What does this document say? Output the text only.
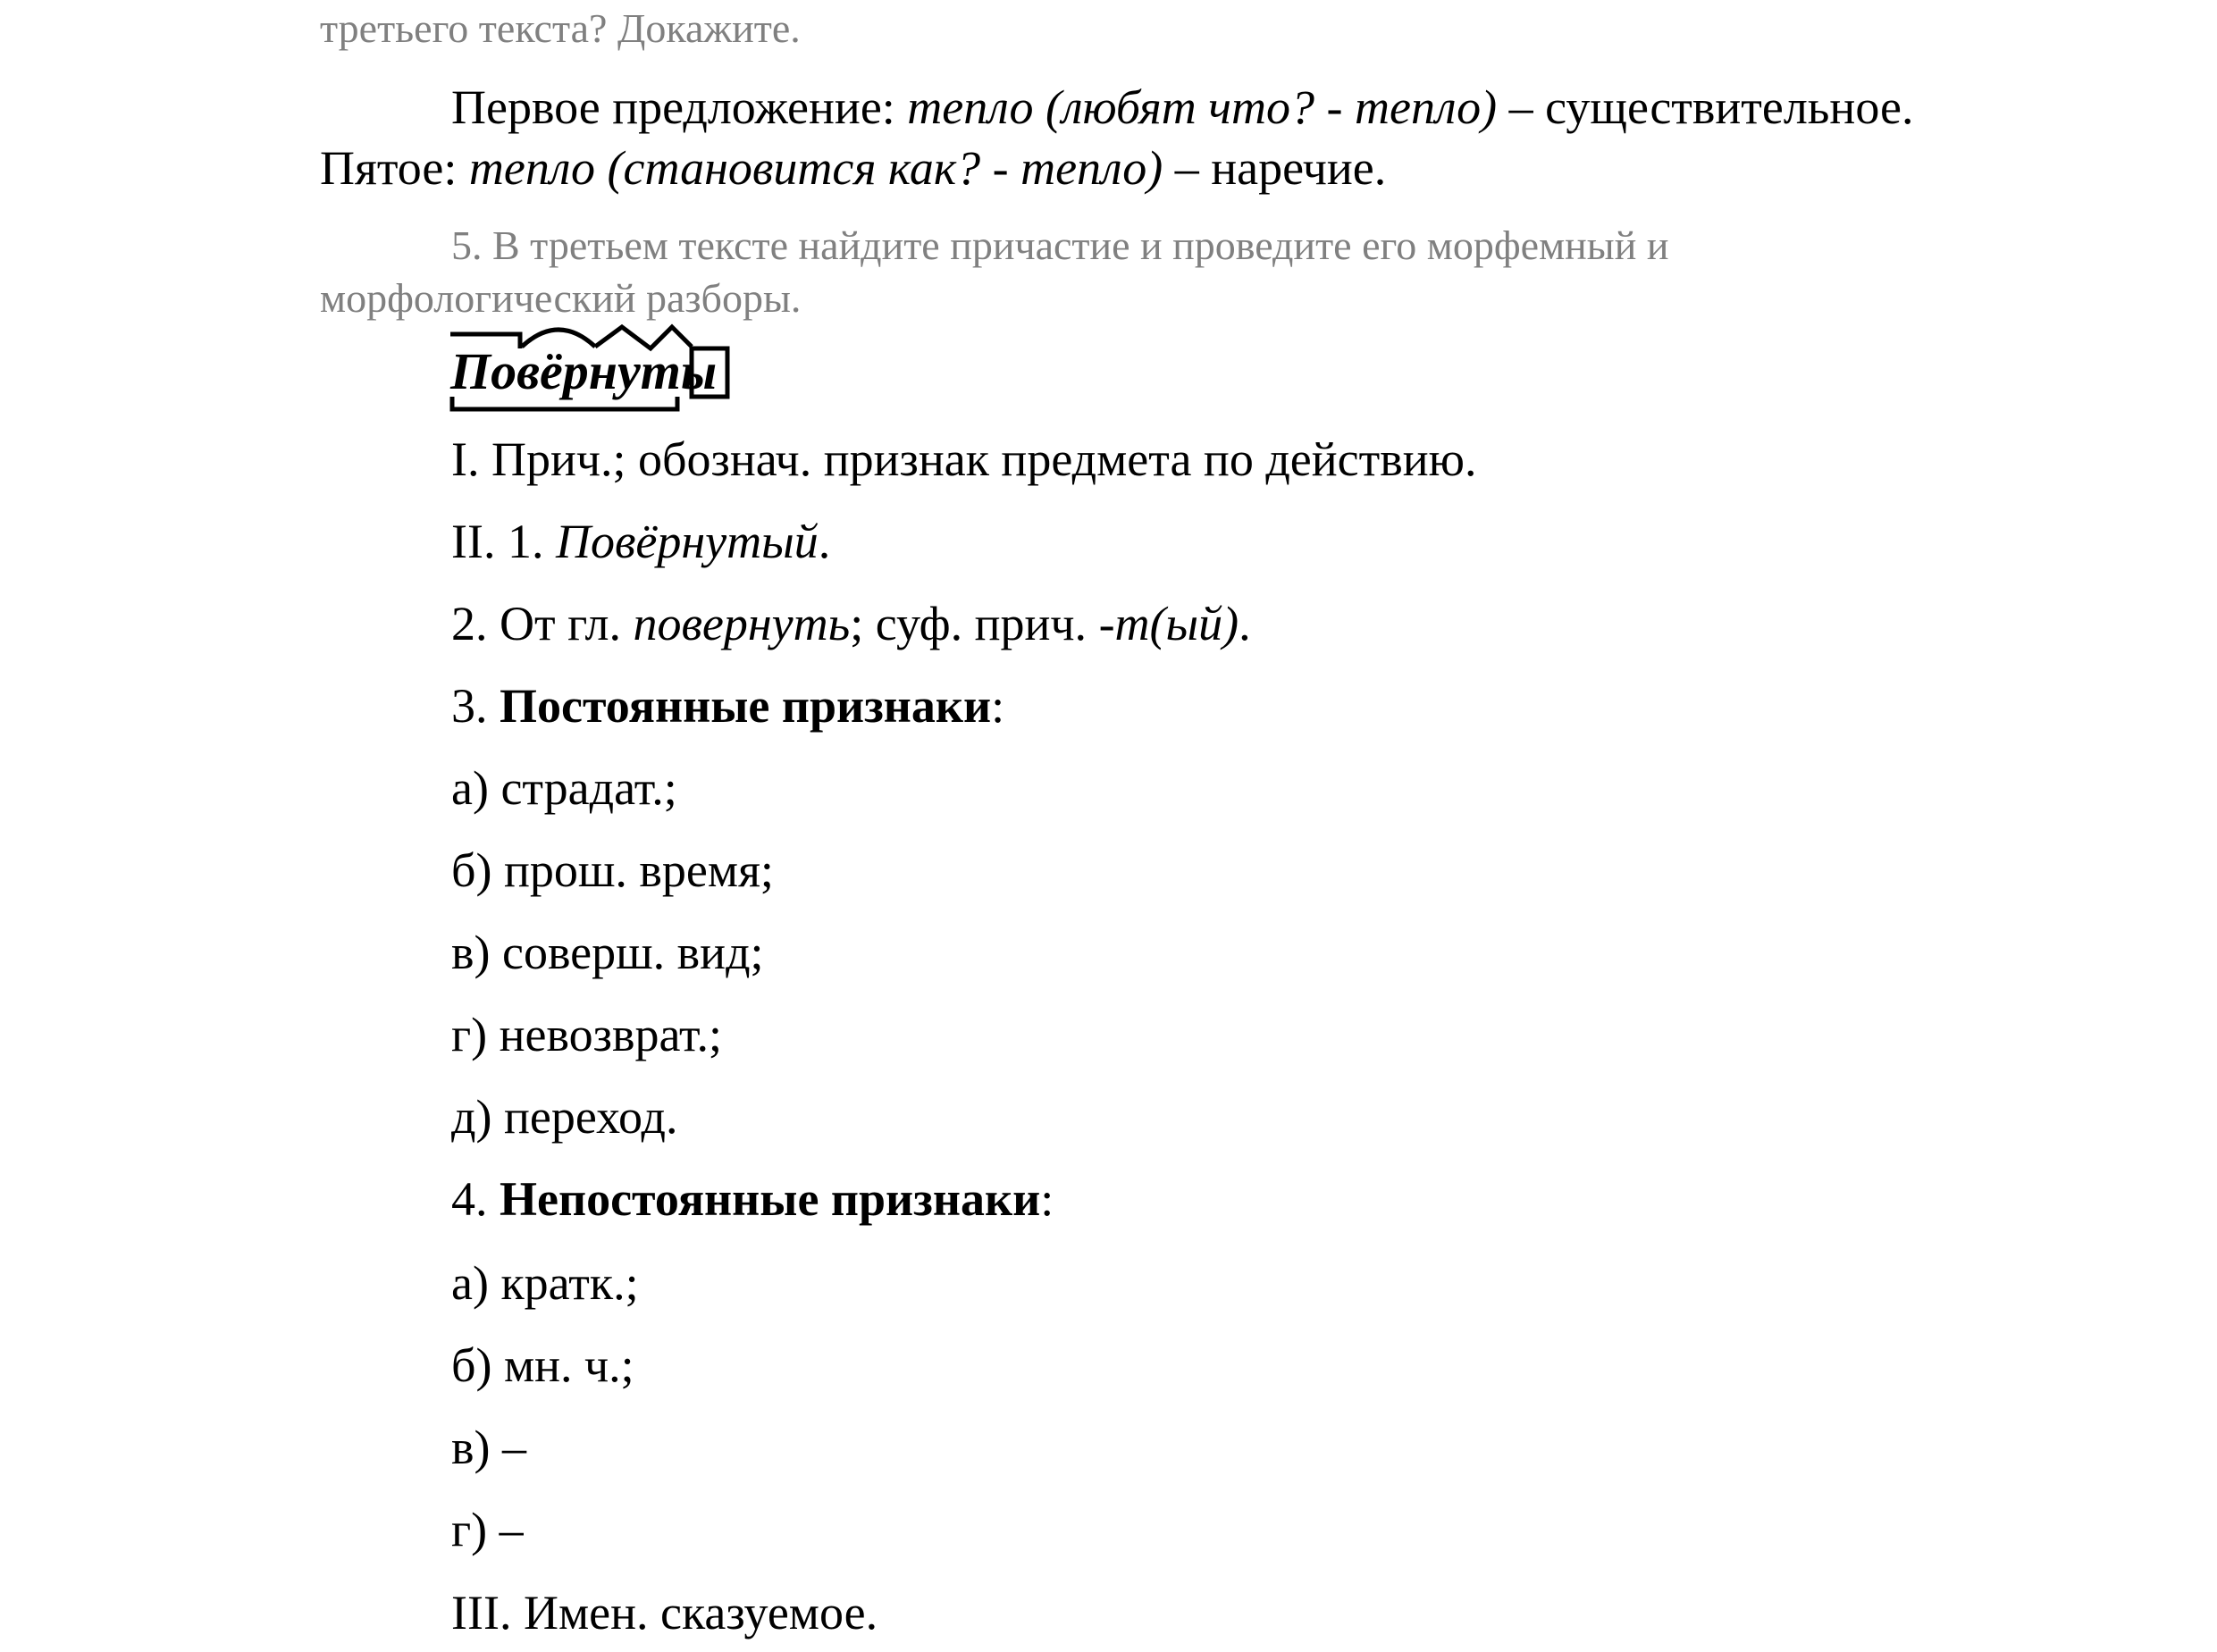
третьего текста? Докажите.
Первое предложение: тепло (любят что? - тепло) – существительное.
Пятое: тепло (становится как? - тепло) – наречие.
5. В третьем тексте найдите причастие и проведите его морфемный и
морфологический разборы.
Повёрнуты
I. Прич.; обознач. признак предмета по действию.
II. 1. Повёрнутый.
2. От гл. повернуть; суф. прич. -т(ый).
3. Постоянные признаки:
а) страдат.;
б) прош. время;
в) соверш. вид;
г) невозврат.;
д) переход.
4. Непостоянные признаки:
а) кратк.;
б) мн. ч.;
в) –
г) –
III. Имен. сказуемое.
